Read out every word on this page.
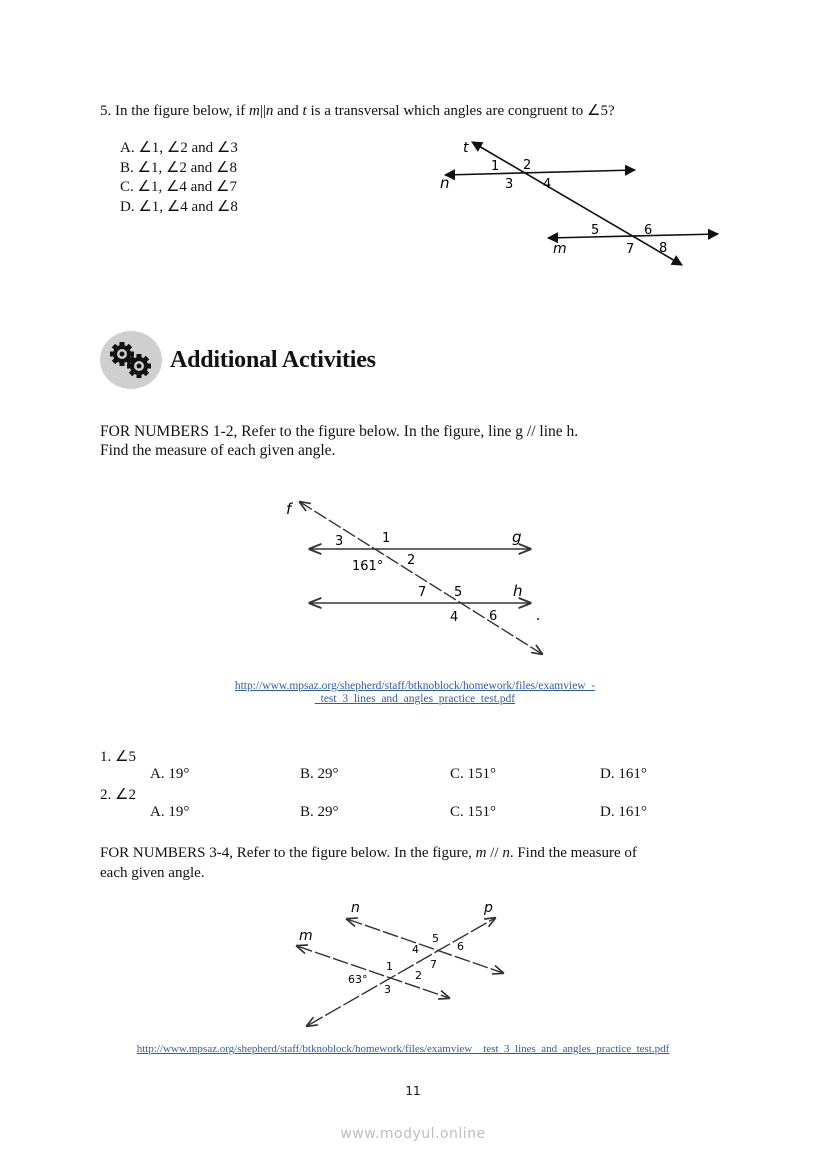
5. In the figure below, if m||n and t is a transversal which angles are congruent to ∠5?
A. ∠1, ∠2 and ∠3
B. ∠1, ∠2 and ∠8
C. ∠1, ∠4 and ∠7
D. ∠1, ∠4 and ∠8
t
n
m
1 2
3 4
5	6
7 8
Additional Activities
FOR NUMBERS 1-2, Refer to the figure below. In the figure, line g // line h.
Find the measure of each given angle.
f
g
h
1
2
3
5
7
4 6
161°
http://www.mpsaz.org/shepherd/staff/btknoblock/homework/files/examview_-
_test_3_lines_and_angles_practice_test.pdf
1. ∠5
A. 19°	B. 29°	C. 151°	D. 161°
2. ∠2
A. 19°	B. 29°	C. 151°	D. 161°
FOR NUMBERS 3-4, Refer to the figure below. In the figure, m // n. Find the measure of
each given angle.
n
m
p
1
2
3
4
5
6
7
63°
http://www.mpsaz.org/shepherd/staff/btknoblock/homework/files/examview__test_3_lines_and_angles_practice_test.pdf
11
www.modyul.online
